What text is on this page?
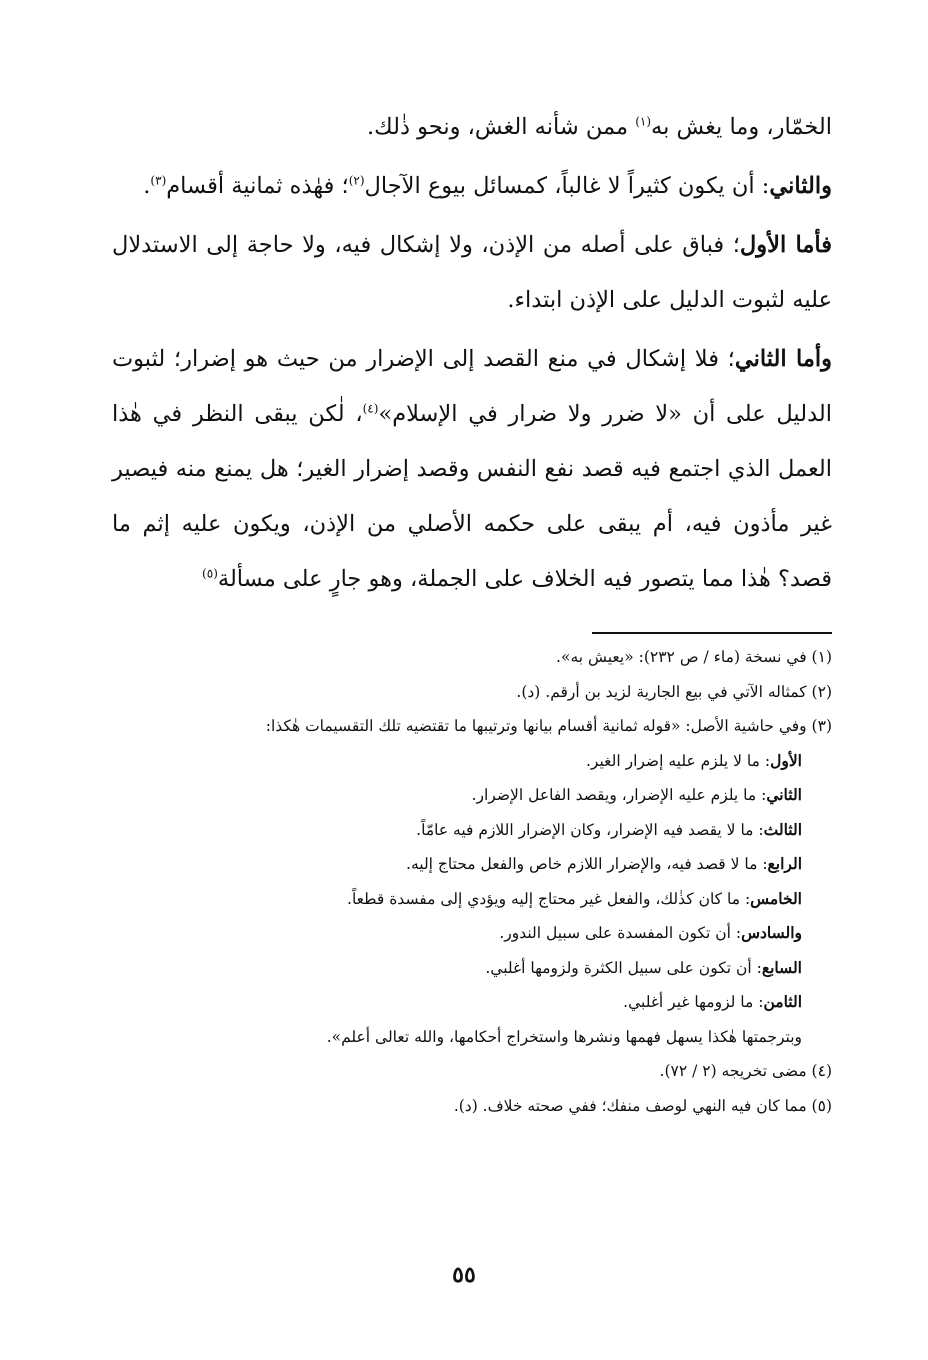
الخمّار، وما يغش به$^{(١)}$ ممن شأنه الغش، ونحو ذٰلك.

والثاني: أن يكون كثيراً لا غالباً، كمسائل بيوع الآجال$^{(٢)}$؛ فهٰذه ثمانية أقسام$^{(٣)}$.

فأما الأول؛ فباق على أصله من الإذن، ولا إشكال فيه، ولا حاجة إلى الاستدلال عليه لثبوت الدليل على الإذن ابتداء.

وأما الثاني؛ فلا إشكال في منع القصد إلى الإضرار من حيث هو إضرار؛ لثبوت الدليل على أن «لا ضرر ولا ضرار في الإسلام»$^{(٤)}$، لٰكن يبقى النظر في هٰذا العمل الذي اجتمع فيه قصد نفع النفس وقصد إضرار الغير؛ هل يمنع منه فيصير غير مأذون فيه، أم يبقى على حكمه الأصلي من الإذن، ويكون عليه إثم ما قصد؟ هٰذا مما يتصور فيه الخلاف على الجملة، وهو جارٍ على مسألة$^{(٥)}$

(١) في نسخة (ماء / ص ٢٣٢): «يعيش به».
(٢) كمثاله الآتي في بيع الجارية لزيد بن أرقم. (د).
(٣) وفي حاشية الأصل: «قوله ثمانية أقسام بيانها وترتيبها ما تقتضيه تلك التقسيمات هٰكذا:
الأول: ما لا يلزم عليه إضرار الغير.
الثاني: ما يلزم عليه الإضرار، ويقصد الفاعل الإضرار.
الثالث: ما لا يقصد فيه الإضرار، وكان الإضرار اللازم فيه عامّاً.
الرابع: ما لا قصد فيه، والإضرار اللازم خاص والفعل محتاج إليه.
الخامس: ما كان كذٰلك، والفعل غير محتاج إليه ويؤدي إلى مفسدة قطعاً.
والسادس: أن تكون المفسدة على سبيل الندور.
السابع: أن تكون على سبيل الكثرة ولزومها أغلبي.
الثامن: ما لزومها غير أغلبي.
وبترجمتها هٰكذا يسهل فهمها ونشرها واستخراج أحكامها، والله تعالى أعلم».
(٤) مضى تخريجه (٢ / ٧٢).
(٥) مما كان فيه النهي لوصف منفك؛ ففي صحته خلاف. (د).
٥٥
